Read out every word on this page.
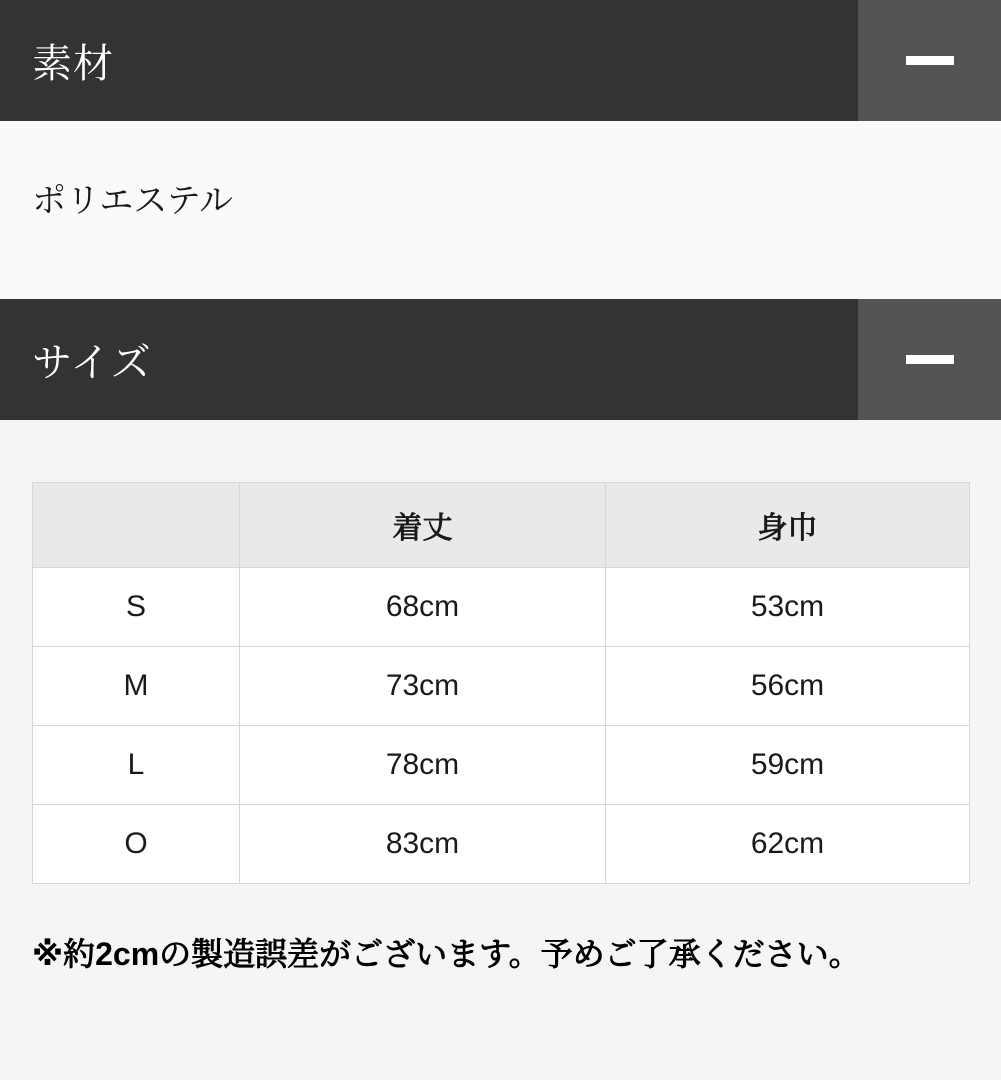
素材
ポリエステル
サイズ
	着丈	身巾
S	68cm	53cm
M	73cm	56cm
L	78cm	59cm
O	83cm	62cm
※約2cmの製造誤差がございます。予めご了承ください。
